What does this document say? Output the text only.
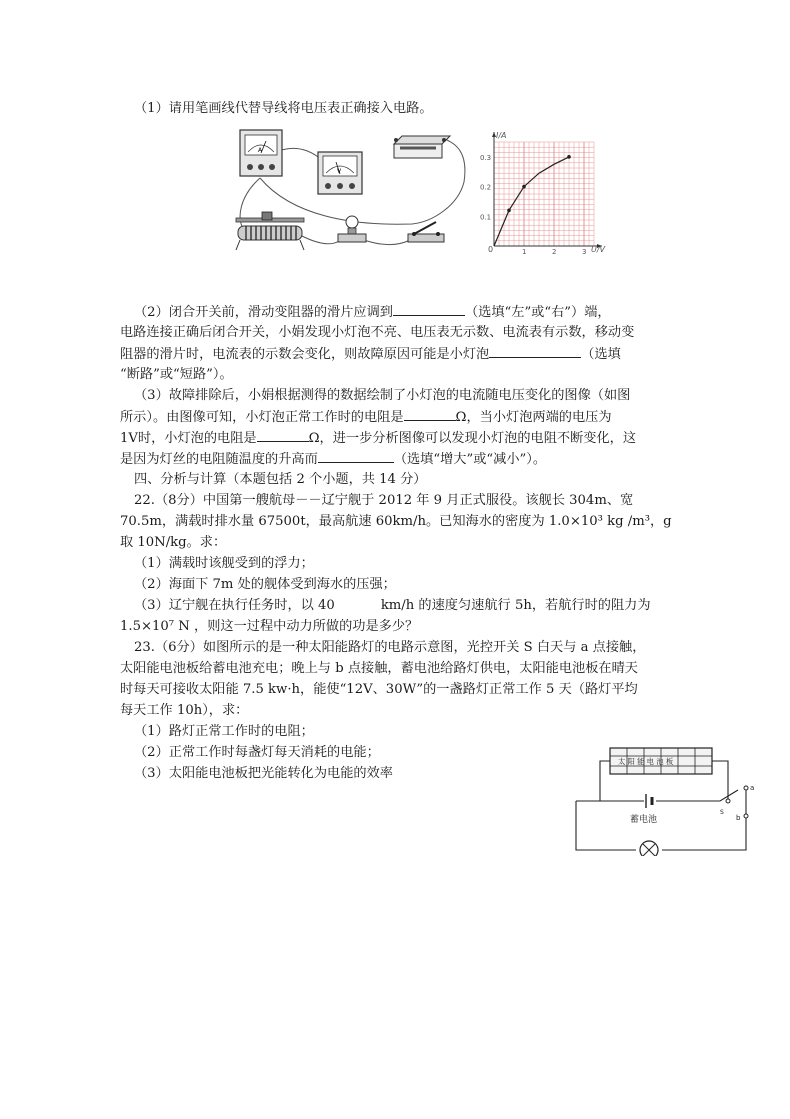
（1）请用笔画线代替导线将电压表正确接入电路。
A
V
1	2	3
0.1
0.2
0.3
I/A
U/V
0
（2）闭合开关前，滑动变阻器的滑片应调到	（选填“左”或“右”）端，
电路连接正确后闭合开关，小娟发现小灯泡不亮、电压表无示数、电流表有示数，移动变
阻器的滑片时，电流表的示数会变化，则故障原因可能是小灯泡	（选填
“断路”或“短路”）。
（3）故障排除后，小娟根据测得的数据绘制了小灯泡的电流随电压变化的图像（如图
所示）。由图像可知，小灯泡正常工作时的电阻是	Ω，当小灯泡两端的电压为
1V时，小灯泡的电阻是	Ω，进一步分析图像可以发现小灯泡的电阻不断变化，这
是因为灯丝的电阻随温度的升高而	（选填“增大”或“减小”）。
四、分析与计算（本题包括 2 个小题，共 14 分）
22.（8分）中国第一艘航母－－辽宁舰于 2012 年 9 月正式服役。该舰长 304m、宽
70.5m，满载时排水量 67500t，最高航速 60km/h。已知海水的密度为 1.0×10³ kg /m³，g
取 10N/kg。求：
（1）满载时该舰受到的浮力；
（2）海面下 7m 处的舰体受到海水的压强；
（3）辽宁舰在执行任务时，以 40	km/h 的速度匀速航行 5h，若航行时的阻力为
1.5×10⁷ N ，则这一过程中动力所做的功是多少？
23.（6分）如图所示的是一种太阳能路灯的电路示意图，光控开关 S 白天与 a 点接触，
太阳能电池板给蓄电池充电；晚上与 b 点接触，蓄电池给路灯供电，太阳能电池板在晴天
时每天可接收太阳能 7.5 kw·h，能使“12V、30W”的一盏路灯正常工作 5 天（路灯平均
每天工作 10h），求：
（1）路灯正常工作时的电阻；
（2）正常工作时每盏灯每天消耗的电能；
（3）太阳能电池板把光能转化为电能的效率
太阳能电池板
蓄电池
a
b
S
